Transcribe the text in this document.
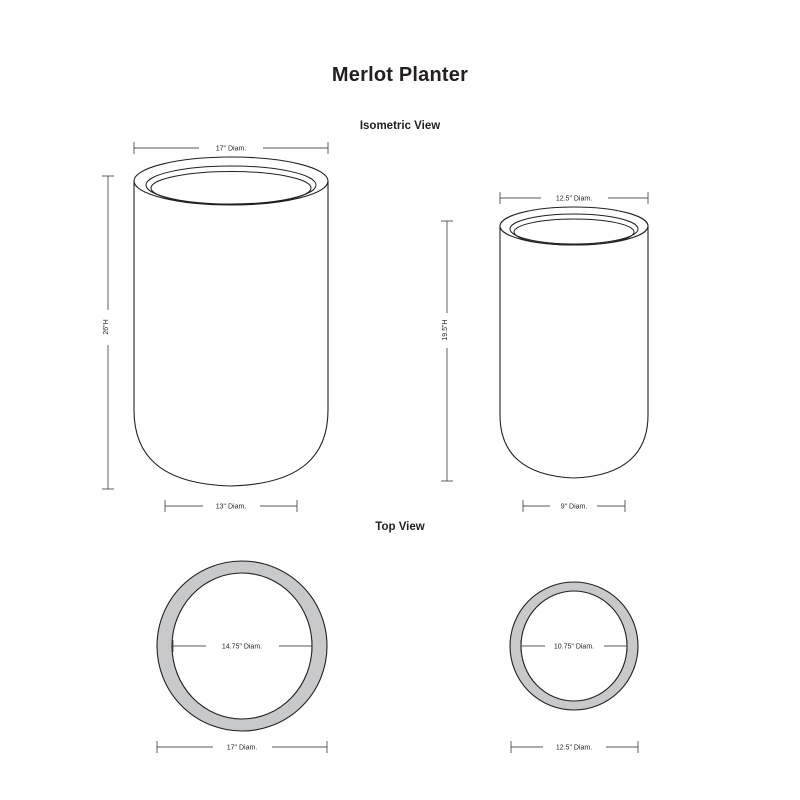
Merlot Planter
Isometric View
Top View
17" Diam.
26"H
13" Diam.
12.5" Diam.
19.5"H
9" Diam.
14.75" Diam.
17" Diam.
10.75" Diam.
12.5" Diam.
